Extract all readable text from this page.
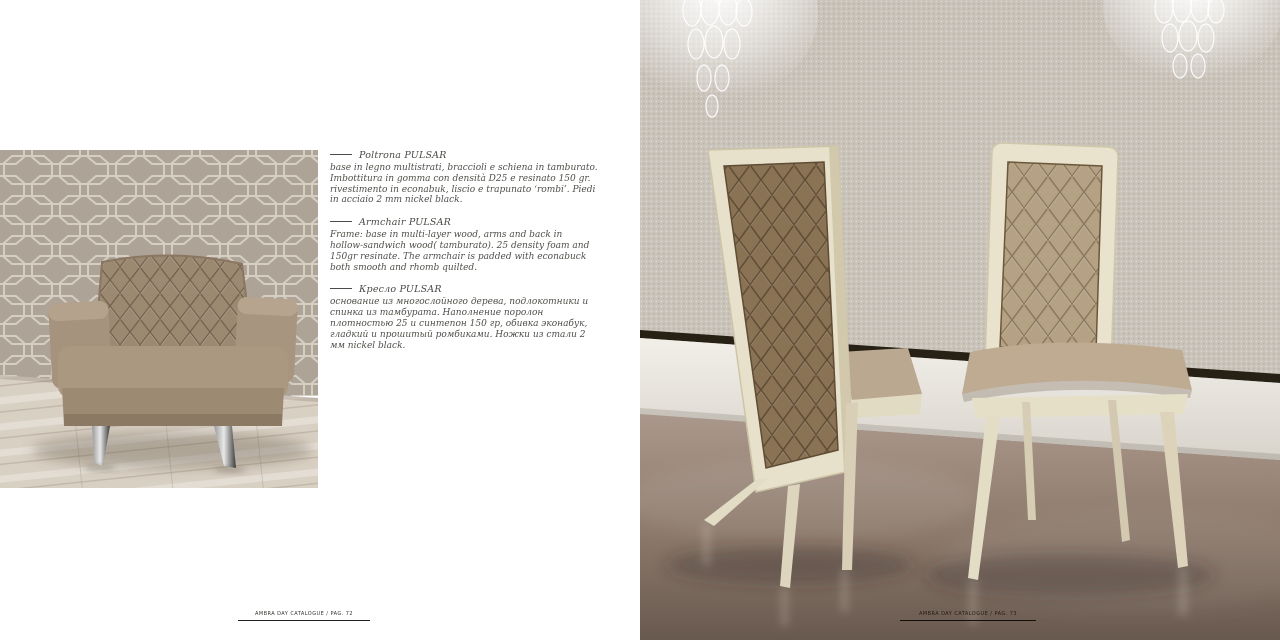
Poltrona PULSAR

base in legno multistrati, braccioli e schiena in tamburato. Imbottitura in gomma con densità D25 e resinato 150 gr. rivestimento in econabuk, liscio e trapunato ‘rombi’. Piedi in acciaio 2 mm nickel black.

Armchair PULSAR

Frame: base in multi-layer wood, arms and back in hollow-sandwich wood( tamburato). 25 density foam and 150gr resinate. The armchair is padded with econabuck both smooth and rhomb quilted.

Кресло PULSAR

основание из многослойного дерева, подлокотники и спинка из тамбурата. Наполнение поролон плотностью 25 и синтепон 150 гр, обивка эконабук, гладкий и прошитый ромбиками. Ножки из стали 2 мм nickel black.

AMBRA DAY CATALOGUE / PAG. 72	AMBRA DAY CATALOGUE / PAG. 73
